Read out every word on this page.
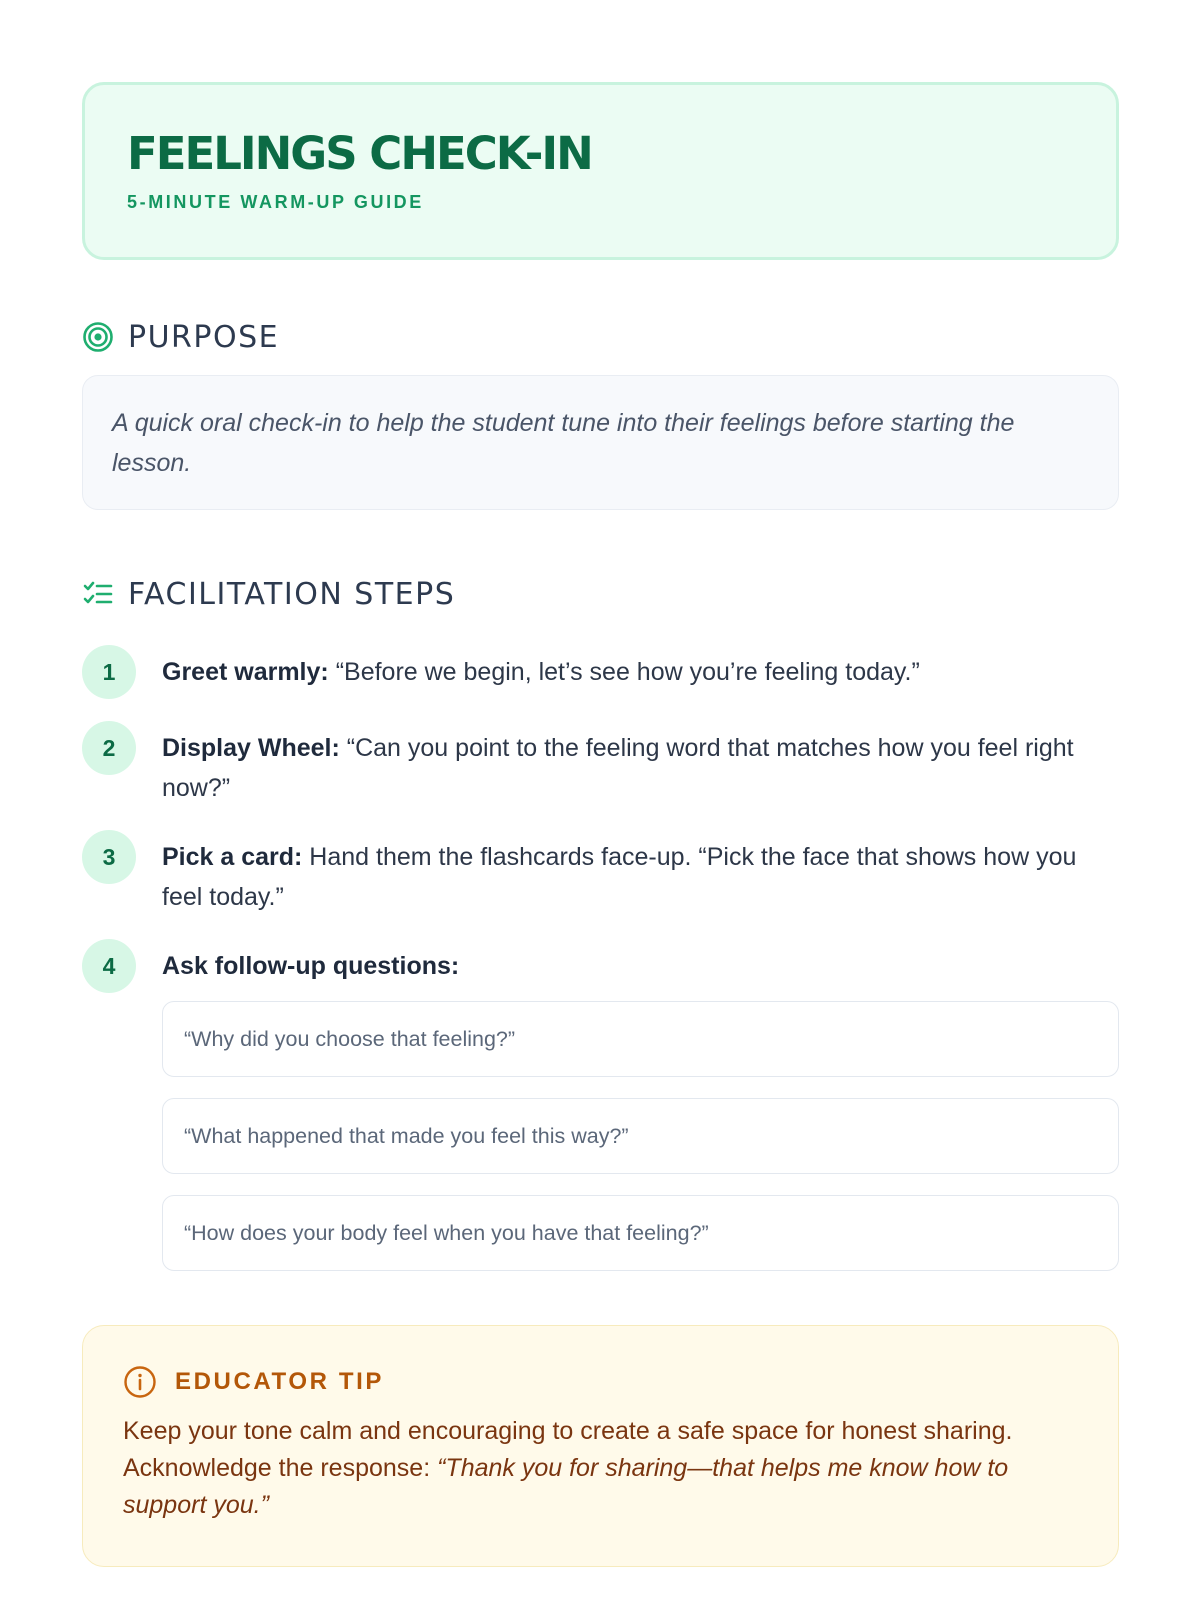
FEELINGS CHECK-IN
5-MINUTE WARM-UP GUIDE
PURPOSE
A quick oral check-in to help the student tune into their feelings before starting the lesson.
FACILITATION STEPS
1	Greet warmly: “Before we begin, let’s see how you’re feeling today.”
2	Display Wheel: “Can you point to the feeling word that matches how you feel right now?”
3	Pick a card: Hand them the flashcards face-up. “Pick the face that shows how you feel today.”
4	Ask follow-up questions:
“Why did you choose that feeling?”
“What happened that made you feel this way?”
“How does your body feel when you have that feeling?”
EDUCATOR TIP
Keep your tone calm and encouraging to create a safe space for honest sharing. Acknowledge the response: “Thank you for sharing—that helps me know how to support you.”
